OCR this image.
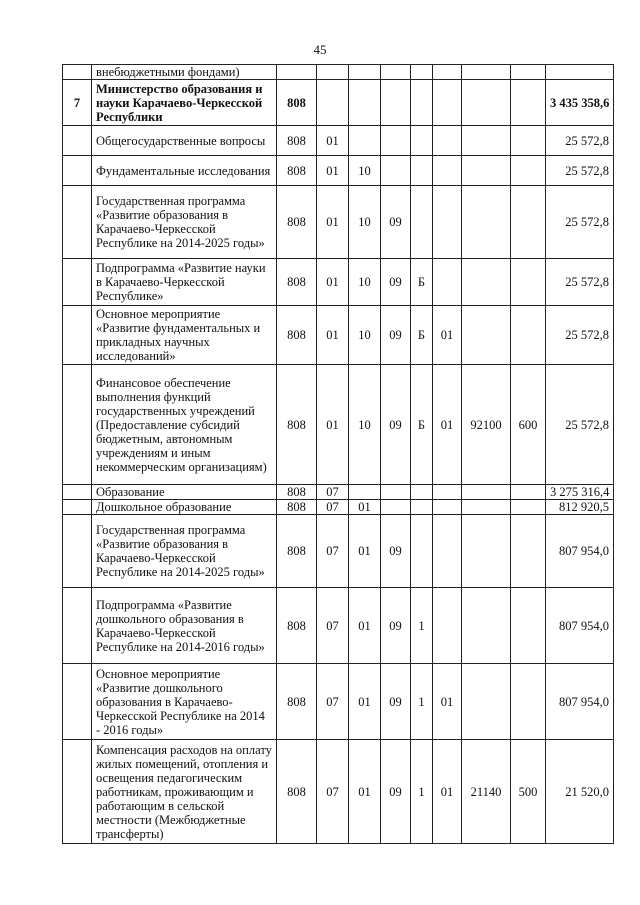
45
	внебюджетными фондами)									
7	Министерство образования и науки Карачаево-Черкесской Республики	808								3 435 358,6
	Общегосударственные вопросы	808	01							25 572,8
	Фундаментальные исследования	808	01	10						25 572,8
	Государственная программа «Развитие образования в Карачаево-Черкесской Республике на 2014-2025 годы»	808	01	10	09					25 572,8
	Подпрограмма «Развитие науки в Карачаево-Черкесской Республике»	808	01	10	09	Б				25 572,8
	Основное мероприятие «Развитие фундаментальных и прикладных научных исследований»	808	01	10	09	Б	01			25 572,8
	Финансовое обеспечение выполнения функций государственных учреждений (Предоставление субсидий бюджетным, автономным учреждениям и иным некоммерческим организациям)	808	01	10	09	Б	01	92100	600	25 572,8
	Образование	808	07							3 275 316,4
	Дошкольное образование	808	07	01						812 920,5
	Государственная программа «Развитие образования в Карачаево-Черкесской Республике на 2014-2025 годы»	808	07	01	09					807 954,0
	Подпрограмма «Развитие дошкольного образования в Карачаево-Черкесской Республике на 2014-2016 годы»	808	07	01	09	1				807 954,0
	Основное мероприятие «Развитие дошкольного образования в Карачаево-Черкесской Республике на 2014 - 2016 годы»	808	07	01	09	1	01			807 954,0
	Компенсация расходов на оплату жилых помещений, отопления и освещения педагогическим работникам, проживающим и работающим в сельской местности (Межбюджетные трансферты)	808	07	01	09	1	01	21140	500	21 520,0
